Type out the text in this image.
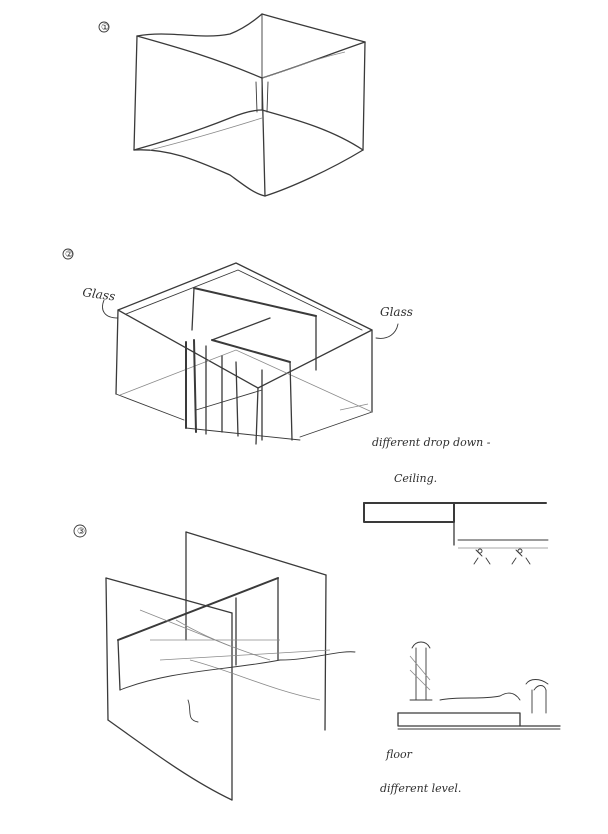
①
②
Glass
Glass
different drop down -
Ceiling.
③
floor
different level.
